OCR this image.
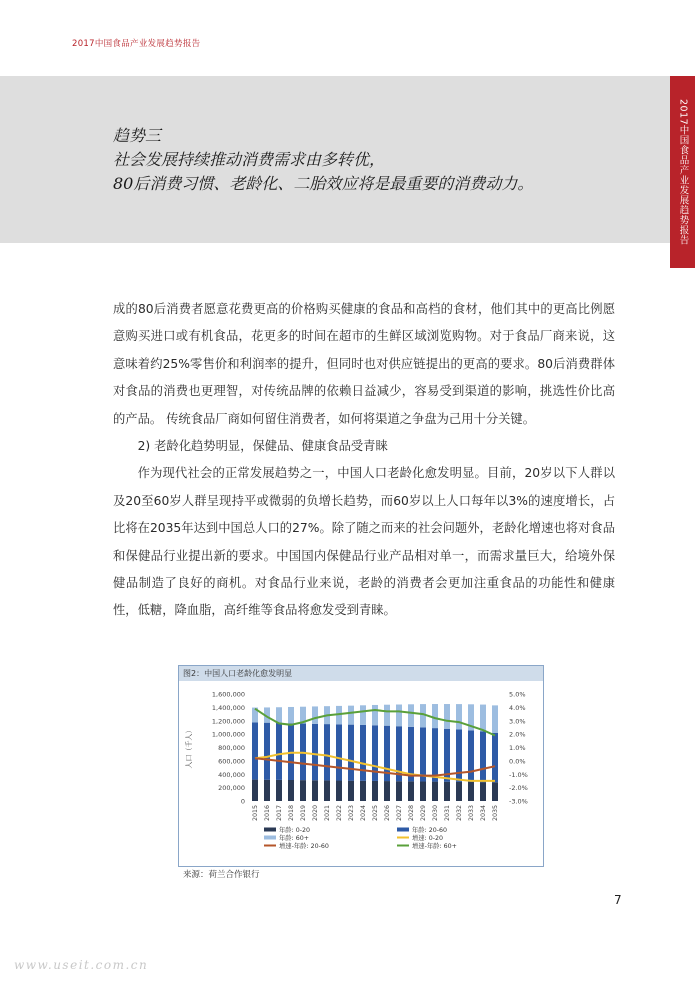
2017中国食品产业发展趋势报告
2017中国食品产业发展趋势报告
趋势三
社会发展持续推动消费需求由多转优，
80后消费习惯、老龄化、二胎效应将是最重要的消费动力。

成的80后消费者愿意花费更高的价格购买健康的食品和高档的食材，他们其中的更高比例愿意购买进口或有机食品，花更多的时间在超市的生鲜区域浏览购物。对于食品厂商来说，这意味着约25%零售价和利润率的提升，但同时也对供应链提出的更高的要求。80后消费群体对食品的消费也更理智，对传统品牌的依赖日益减少，容易受到渠道的影响，挑选性价比高的产品。 传统食品厂商如何留住消费者，如何将渠道之争盘为己用十分关键。

2) 老龄化趋势明显，保健品、健康食品受青睐

作为现代社会的正常发展趋势之一，中国人口老龄化愈发明显。目前，20岁以下人群以及20至60岁人群呈现持平或微弱的负增长趋势，而60岁以上人口每年以3%的速度增长，占比将在2035年达到中国总人口的27%。除了随之而来的社会问题外，老龄化增速也将对食品和保健品行业提出新的要求。中国国内保健品行业产品相对单一，而需求量巨大，给境外保健品制造了良好的商机。对食品行业来说，老龄的消费者会更加注重食品的功能性和健康性，低糖，降血脂，高纤维等食品将愈发受到青睐。

图2：中国人口老龄化愈发明显
1,600,000
1,400,000
1,200,000
1,000,000
800,000
600,000
400,000
200,000
0
5.0%
4.0%
3.0%
2.0%
1.0%
0.0%
-1.0%
-2.0%
-3.0%
人口（千人）
2015 2016 2017 2018 2019 2020 2021 2022 2023 2024 2025 2026 2027 2028 2029 2030 2031 2032 2033 2034 2035
年龄: 0-20	年龄: 20-60
年龄: 60+	增速: 0-20
增速-年龄: 20-60	增速-年龄: 60+
来源：荷兰合作银行
7
www.useit.com.cn
